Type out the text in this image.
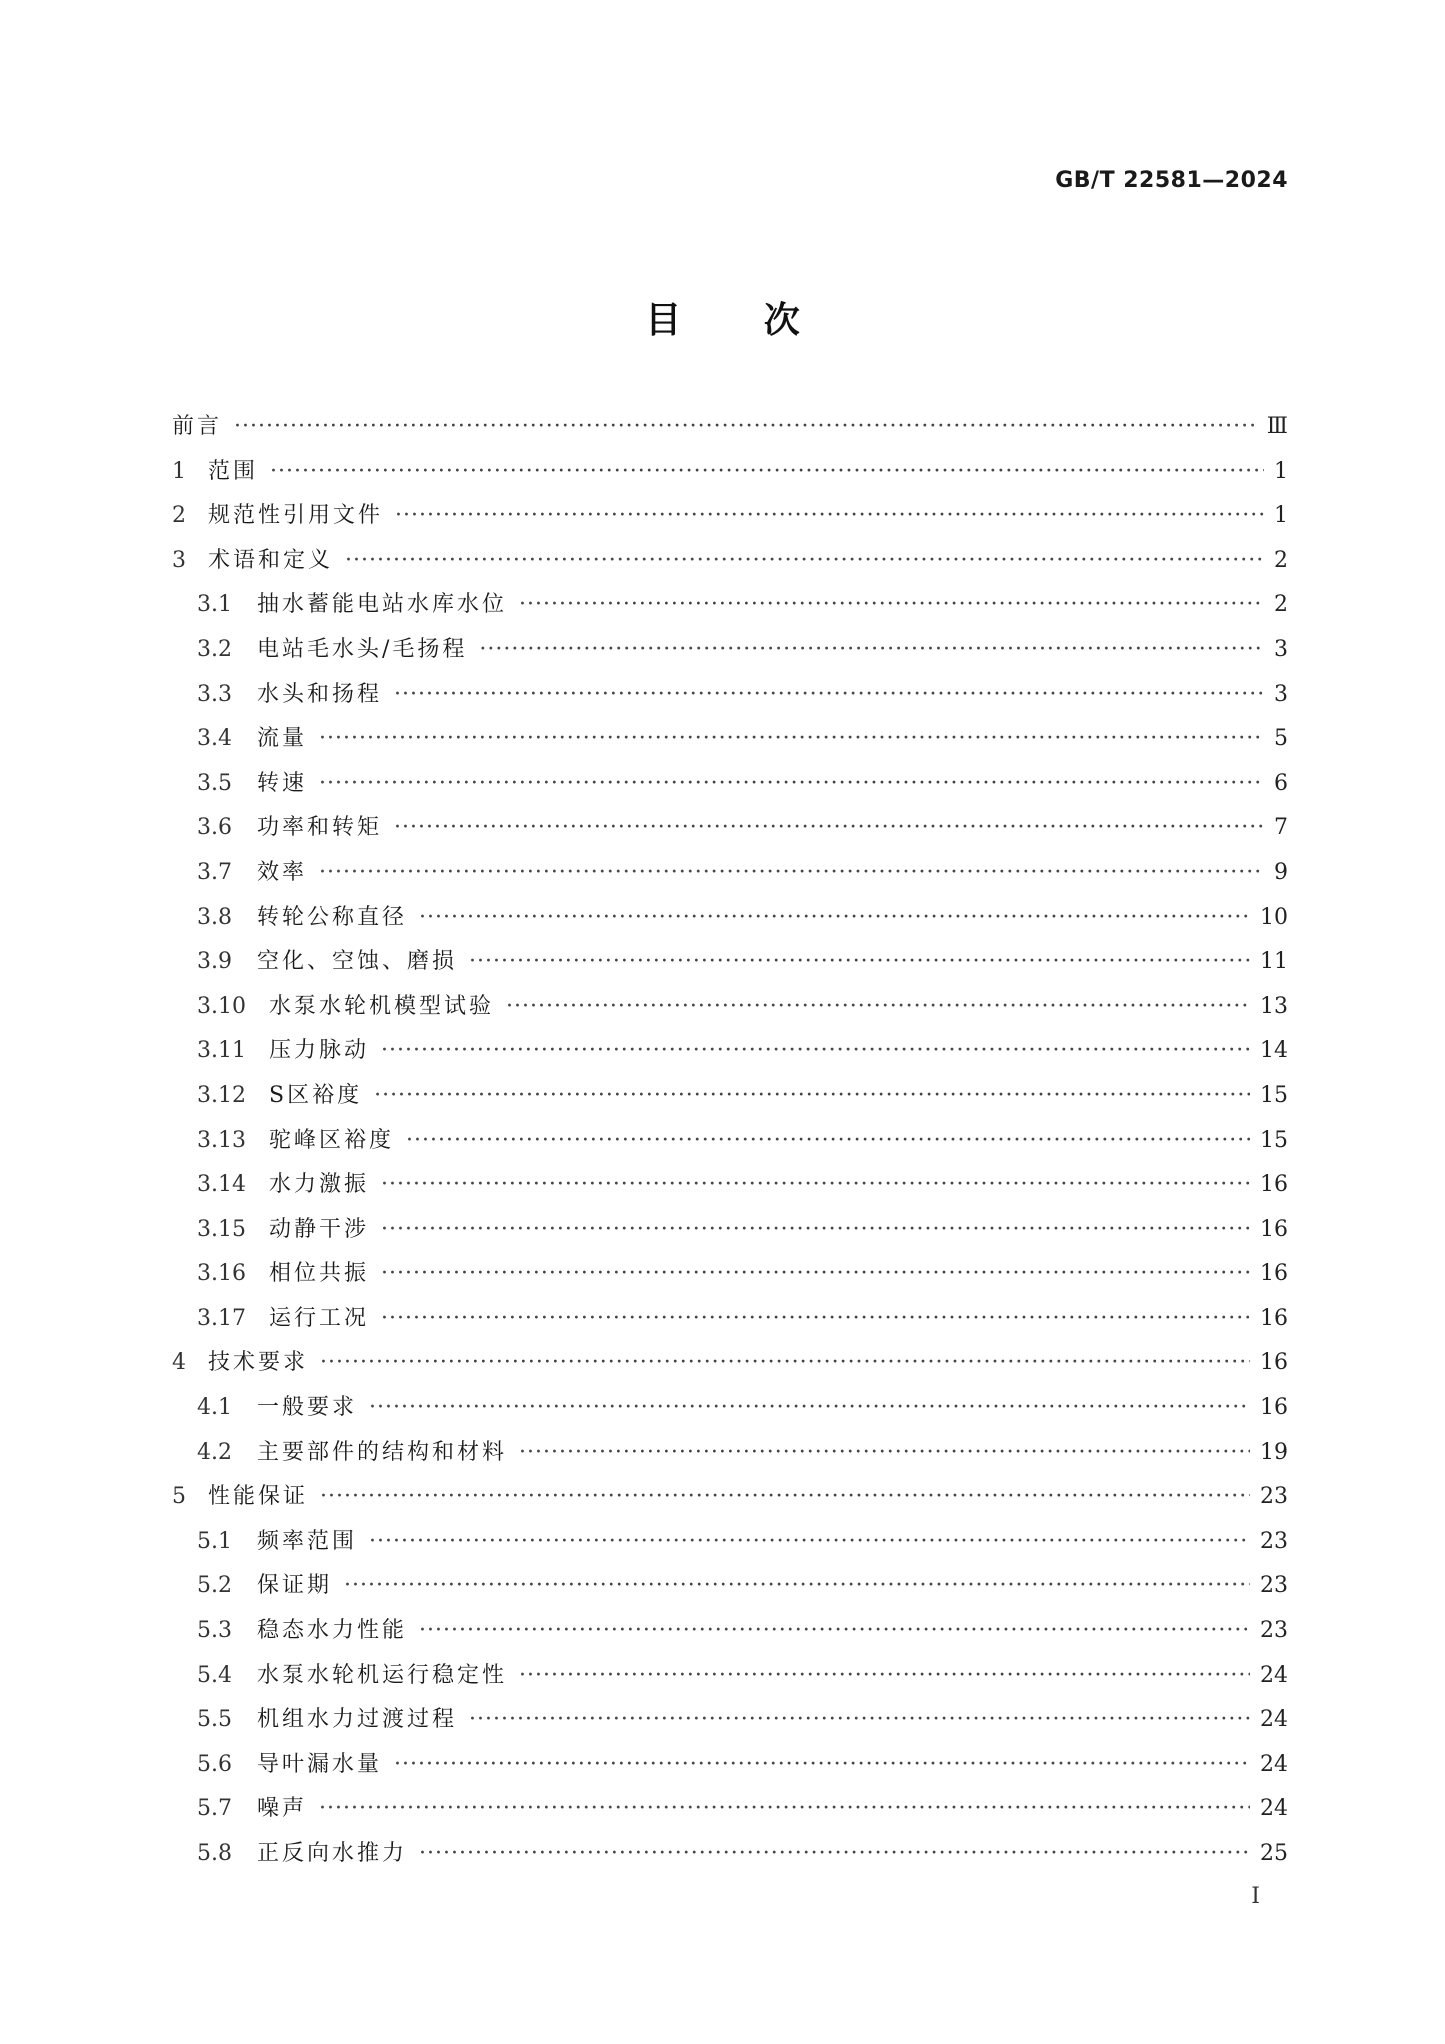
GB/T 22581—2024
目 次
前言 ·····	Ⅲ
1	范围 ·····	1
2	规范性引用文件 ·····	1
3	术语和定义 ·····	2
3.1	抽水蓄能电站水库水位 ·····	2
3.2	电站毛水头/毛扬程 ·····	3
3.3	水头和扬程 ·····	3
3.4	流量 ·····	5
3.5	转速 ·····	6
3.6	功率和转矩 ·····	7
3.7	效率 ·····	9
3.8	转轮公称直径 ·····	10
3.9	空化、空蚀、磨损 ·····	11
3.10	水泵水轮机模型试验 ·····	13
3.11	压力脉动 ·····	14
3.12	S区裕度 ·····	15
3.13	驼峰区裕度 ·····	15
3.14	水力激振 ·····	16
3.15	动静干涉 ·····	16
3.16	相位共振 ·····	16
3.17	运行工况 ·····	16
4	技术要求 ·····	16
4.1	一般要求 ·····	16
4.2	主要部件的结构和材料 ·····	19
5	性能保证 ·····	23
5.1	频率范围 ·····	23
5.2	保证期 ·····	23
5.3	稳态水力性能 ·····	23
5.4	水泵水轮机运行稳定性 ·····	24
5.5	机组水力过渡过程 ·····	24
5.6	导叶漏水量 ·····	24
5.7	噪声 ·····	24
5.8	正反向水推力 ·····	25
I
